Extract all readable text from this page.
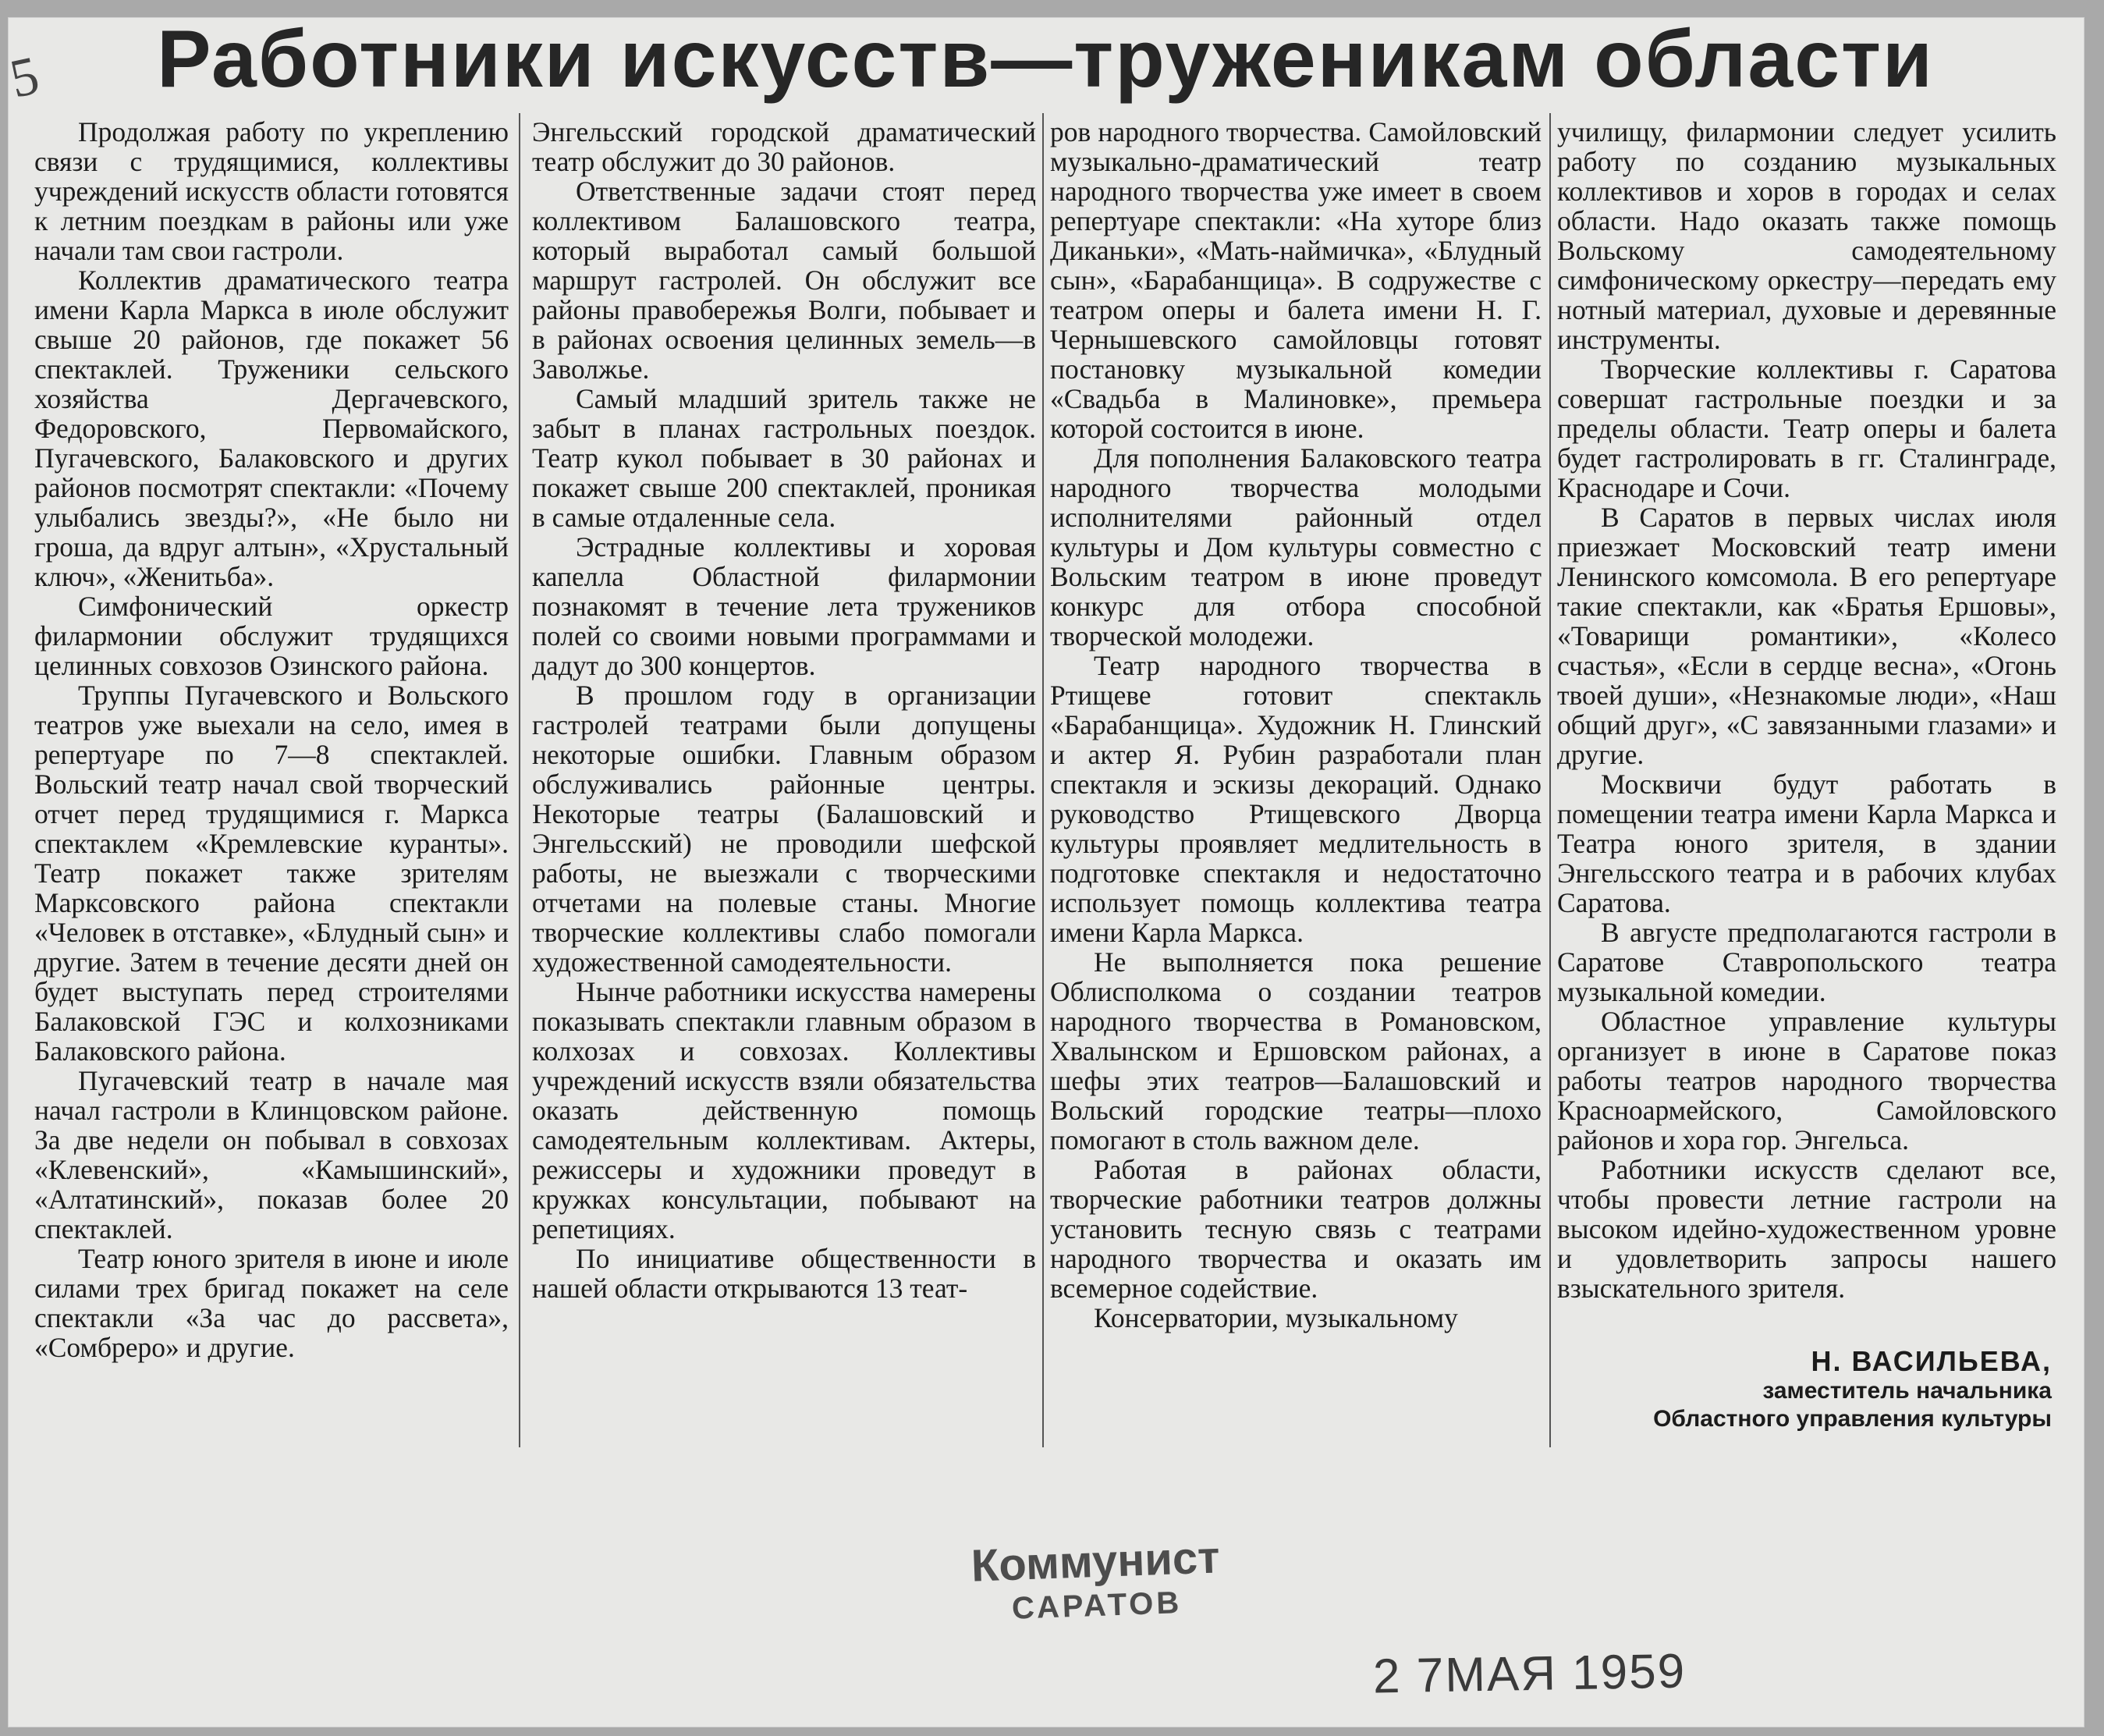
5 Работники искусств—труженикам области

Продолжая работу по укреплению связи с трудящимися, коллективы учреждений искусств области готовятся к летним поездкам в районы или уже начали там свои гастроли.

Коллектив драматического театра имени Карла Маркса в июле обслужит свыше 20 районов, где покажет 56 спектаклей. Труженики сельского хозяйства Дергачевского, Федоровского, Первомайского, Пугачевского, Балаковского и других районов посмотрят спектакли: «Почему улыбались звезды?», «Не было ни гроша, да вдруг алтын», «Хрустальный ключ», «Женитьба».

Симфонический оркестр филармонии обслужит трудящихся целинных совхозов Озинского района.

Труппы Пугачевского и Вольского театров уже выехали на село, имея в репертуаре по 7—8 спектаклей. Вольский театр начал свой творческий отчет перед трудящимися г. Маркса спектаклем «Кремлевские куранты». Театр покажет также зрителям Марксовского района спектакли «Человек в отставке», «Блудный сын» и другие. Затем в течение десяти дней он будет выступать перед строителями Балаковской ГЭС и колхозниками Балаковского района.

Пугачевский театр в начале мая начал гастроли в Клинцовском районе. За две недели он побывал в совхозах «Клевенский», «Камышинский», «Алтатинский», показав более 20 спектаклей.

Театр юного зрителя в июне и июле силами трех бригад покажет на селе спектакли «За час до рассвета», «Сомбреро» и другие.

Энгельсский городской драматический театр обслужит до 30 районов.

Ответственные задачи стоят перед коллективом Балашовского театра, который выработал самый большой маршрут гастролей. Он обслужит все районы правобережья Волги, побывает и в районах освоения целинных земель—в Заволжье.

Самый младший зритель также не забыт в планах гастрольных поездок. Театр кукол побывает в 30 районах и покажет свыше 200 спектаклей, проникая в самые отдаленные села.

Эстрадные коллективы и хоровая капелла Областной филармонии познакомят в течение лета тружеников полей со своими новыми программами и дадут до 300 концертов.

В прошлом году в организации гастролей театрами были допущены некоторые ошибки. Главным образом обслуживались районные центры. Некоторые театры (Балашовский и Энгельсский) не проводили шефской работы, не выезжали с творческими отчетами на полевые станы. Многие творческие коллективы слабо помогали художественной самодеятельности.

Нынче работники искусства намерены показывать спектакли главным образом в колхозах и совхозах. Коллективы учреждений искусств взяли обязательства оказать действенную помощь самодеятельным коллективам. Актеры, режиссеры и художники проведут в кружках консультации, побывают на репетициях.

По инициативе общественности в нашей области открываются 13 теат-

ров народного творчества. Самойловский музыкально-драматический театр народного творчества уже имеет в своем репертуаре спектакли: «На хуторе близ Диканьки», «Мать-наймичка», «Блудный сын», «Барабанщица». В содружестве с театром оперы и балета имени Н. Г. Чернышевского самойловцы готовят постановку музыкальной комедии «Свадьба в Малиновке», премьера которой состоится в июне.

Для пополнения Балаковского театра народного творчества молодыми исполнителями районный отдел культуры и Дом культуры совместно с Вольским театром в июне проведут конкурс для отбора способной творческой молодежи.

Театр народного творчества в Ртищеве готовит спектакль «Барабанщица». Художник Н. Глинский и актер Я. Рубин разработали план спектакля и эскизы декораций. Однако руководство Ртищевского Дворца культуры проявляет медлительность в подготовке спектакля и недостаточно использует помощь коллектива театра имени Карла Маркса.

Не выполняется пока решение Облисполкома о создании театров народного творчества в Романовском, Хвалынском и Ершовском районах, а шефы этих театров—Балашовский и Вольский городские театры—плохо помогают в столь важном деле.

Работая в районах области, творческие работники театров должны установить тесную связь с театрами народного творчества и оказать им всемерное содействие.

Консерватории, музыкальному

училищу, филармонии следует усилить работу по созданию музыкальных коллективов и хоров в городах и селах области. Надо оказать также помощь Вольскому самодеятельному симфоническому оркестру—передать ему нотный материал, духовые и деревянные инструменты.

Творческие коллективы г. Саратова совершат гастрольные поездки и за пределы области. Театр оперы и балета будет гастролировать в гг. Сталинграде, Краснодаре и Сочи.

В Саратов в первых числах июля приезжает Московский театр имени Ленинского комсомола. В его репертуаре такие спектакли, как «Братья Ершовы», «Товарищи романтики», «Колесо счастья», «Если в сердце весна», «Огонь твоей души», «Незнакомые люди», «Наш общий друг», «С завязанными глазами» и другие.

Москвичи будут работать в помещении театра имени Карла Маркса и Театра юного зрителя, в здании Энгельсского театра и в рабочих клубах Саратова.

В августе предполагаются гастроли в Саратове Ставропольского театра музыкальной комедии.

Областное управление культуры организует в июне в Саратове показ работы театров народного творчества Красноармейского, Самойловского районов и хора гор. Энгельса.

Работники искусств сделают все, чтобы провести летние гастроли на высоком идейно-художественном уровне и удовлетворить запросы нашего взыскательного зрителя.

Н. ВАСИЛЬЕВА,
заместитель начальника
Областного управления культуры
Коммунист
САРАТОВ
2 7МАЯ 1959
